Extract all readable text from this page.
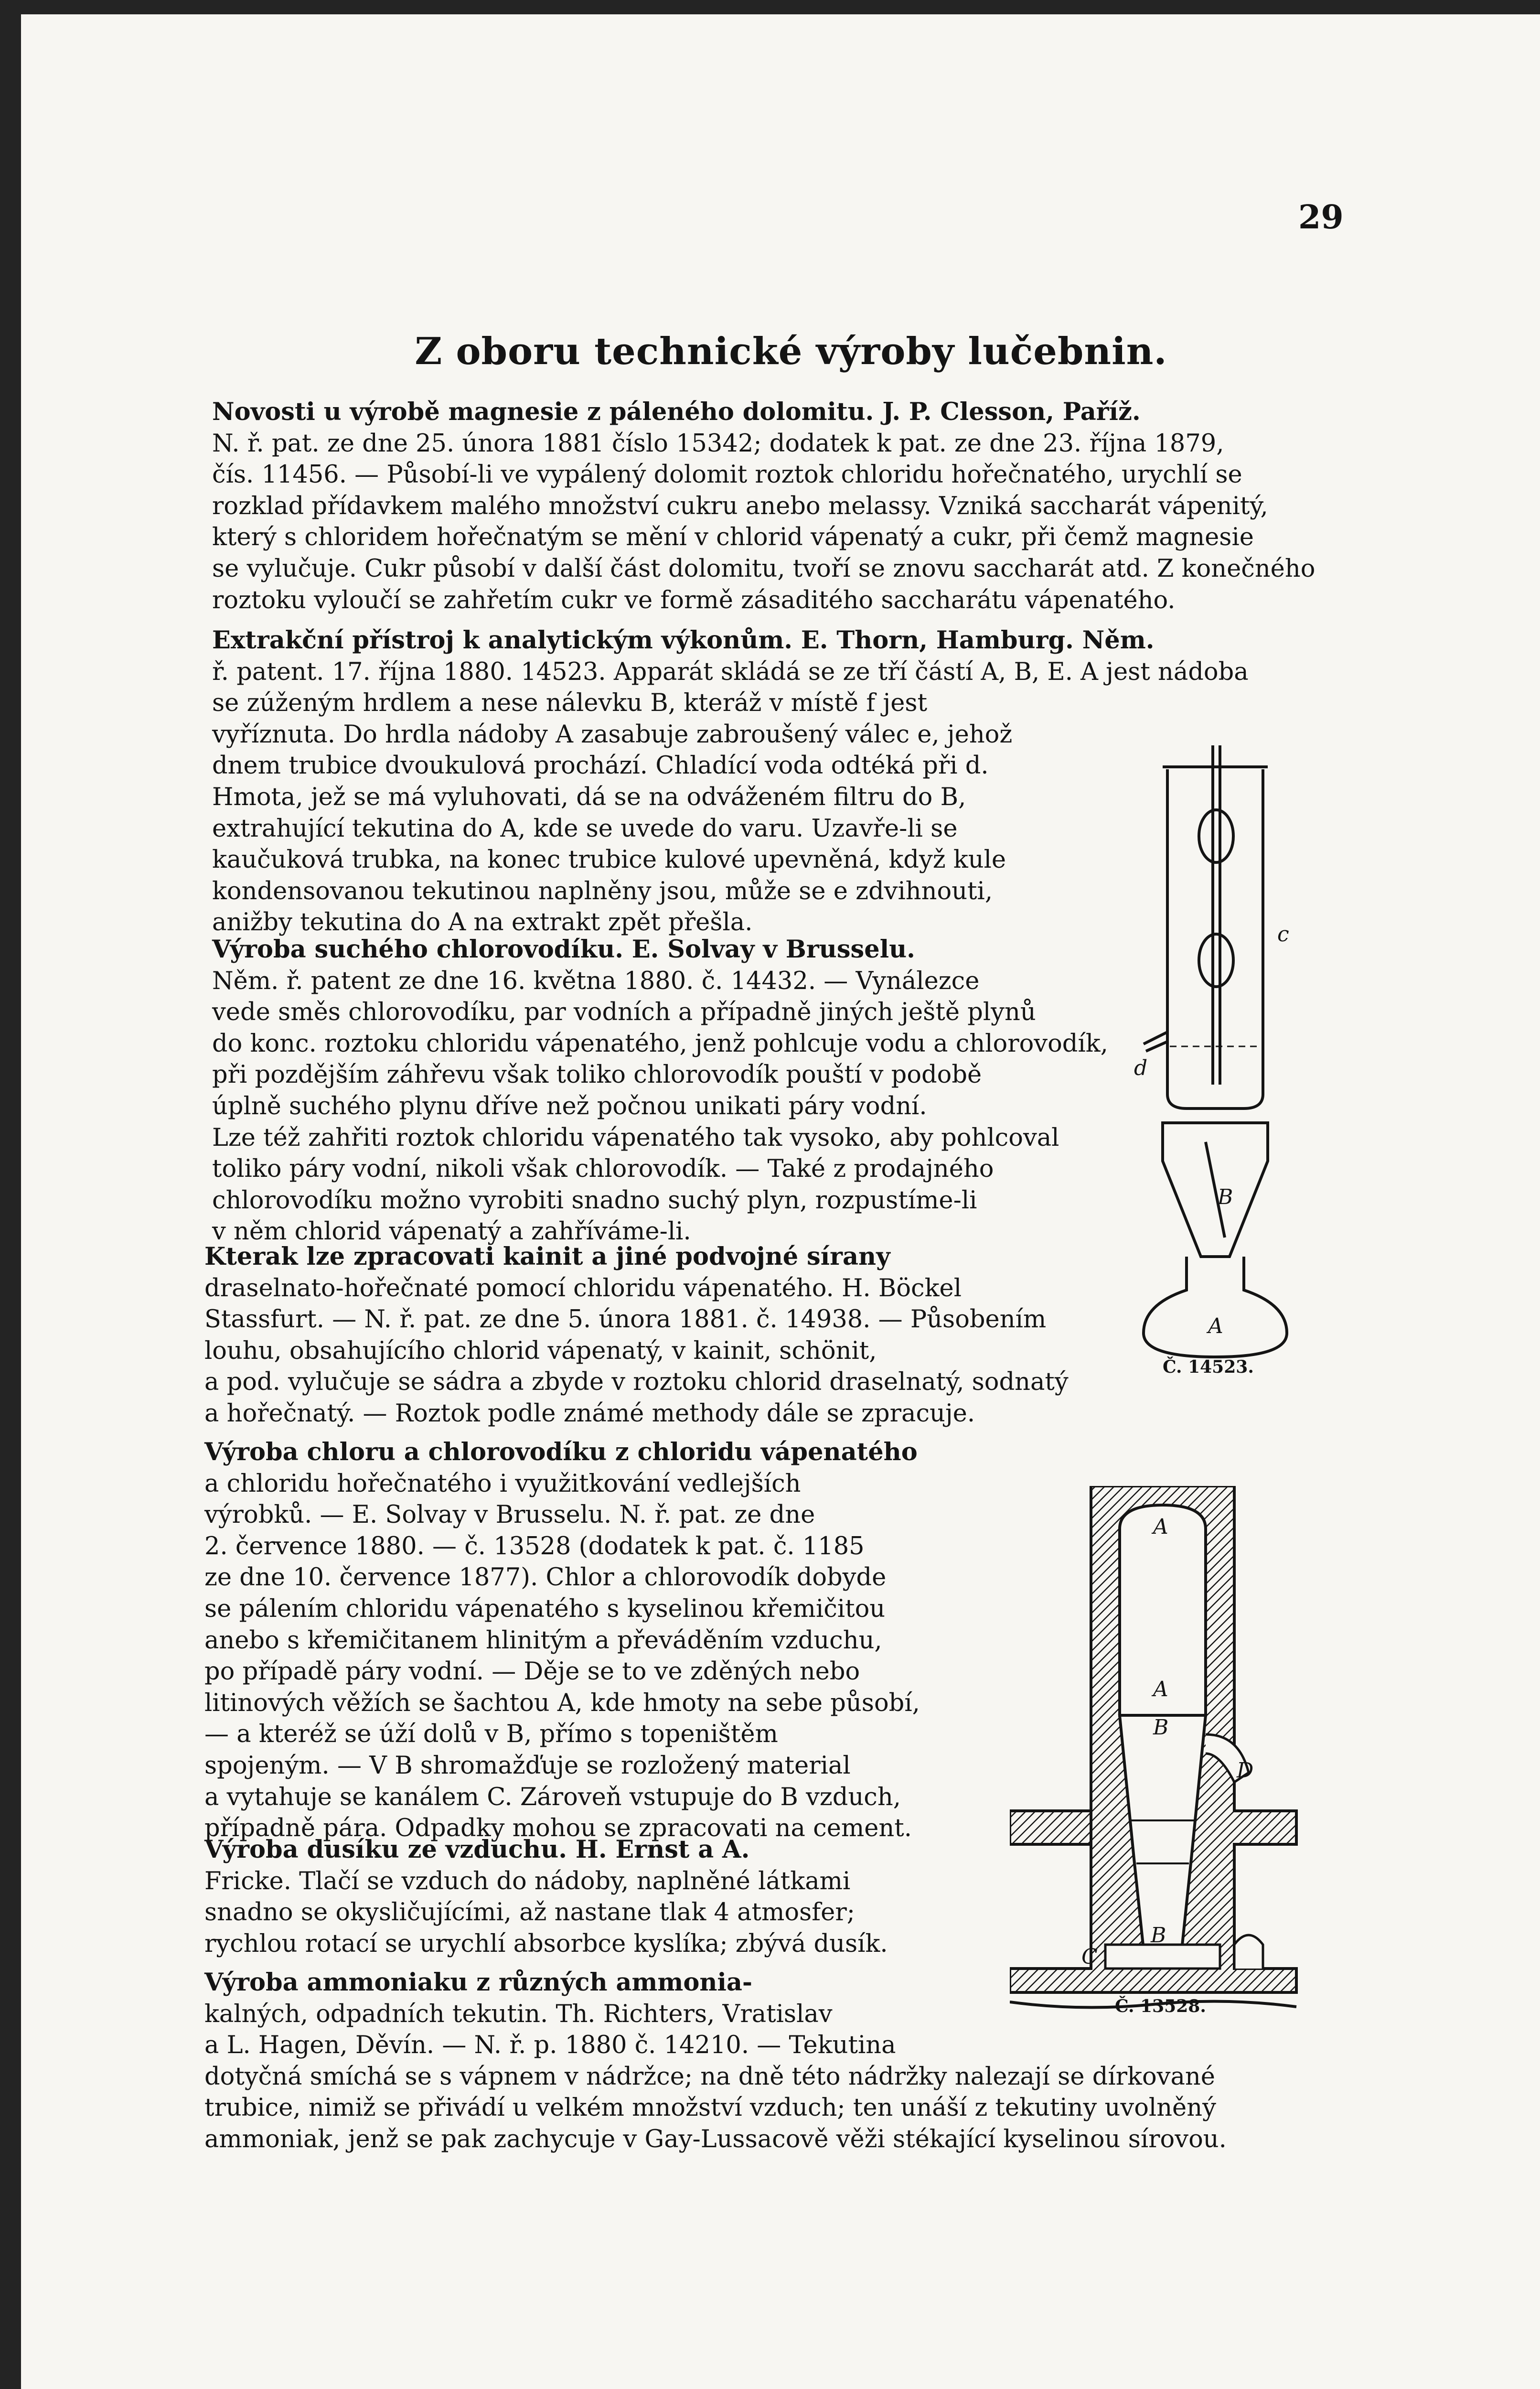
29
Z oboru technické výroby lučebnin.
Novosti u výrobě magnesie z páleného dolomitu. J. P. Clesson, Paříž.
N. ř. pat. ze dne 25. února 1881 číslo 15342; dodatek k pat. ze dne 23. října 1879,
čís. 11456. — Působí-li ve vypálený dolomit roztok chloridu hořečnatého, urychlí se
rozklad přídavkem malého množství cukru anebo melassy. Vzniká saccharát vápenitý,
který s chloridem hořečnatým se mění v chlorid vápenatý a cukr, při čemž magnesie
se vylučuje. Cukr působí v další část dolomitu, tvoří se znovu saccharát atd. Z konečného
roztoku vyloučí se zahřetím cukr ve formě zásaditého saccharátu vápenatého.
Extrakční přístroj k analytickým výkonům. E. Thorn, Hamburg. Něm.
ř. patent. 17. října 1880. 14523. Apparát skládá se ze tří částí A, B, E. A jest nádoba
se zúženým hrdlem a nese nálevku B, kteráž v místě f jest
vyříznuta. Do hrdla nádoby A zasabuje zabroušený válec e, jehož
dnem trubice dvoukulová prochází. Chladící voda odtéká při d.
Hmota, jež se má vyluhovati, dá se na odváženém filtru do B,
extrahující tekutina do A, kde se uvede do varu. Uzavře-li se
kaučuková trubka, na konec trubice kulové upevněná, když kule
kondensovanou tekutinou naplněny jsou, může se e zdvihnouti,
anižby tekutina do A na extrakt zpět přešla.
Výroba suchého chlorovodíku. E. Solvay v Brusselu.
Něm. ř. patent ze dne 16. května 1880. č. 14432. — Vynálezce
vede směs chlorovodíku, par vodních a případně jiných ještě plynů
do konc. roztoku chloridu vápenatého, jenž pohlcuje vodu a chlorovodík,
při pozdějším záhřevu však toliko chlorovodík pouští v podobě
úplně suchého plynu dříve než počnou unikati páry vodní.
Lze též zahřiti roztok chloridu vápenatého tak vysoko, aby pohlcoval
toliko páry vodní, nikoli však chlorovodík. — Také z prodajného
chlorovodíku možno vyrobiti snadno suchý plyn, rozpustíme-li
v něm chlorid vápenatý a zahříváme-li.
Kterak lze zpracovati kainit a jiné podvojné sírany
draselnato-hořečnaté pomocí chloridu vápenatého. H. Böckel
Stassfurt. — N. ř. pat. ze dne 5. února 1881. č. 14938. — Působením
louhu, obsahujícího chlorid vápenatý, v kainit, schönit,
a pod. vylučuje se sádra a zbyde v roztoku chlorid draselnatý, sodnatý
a hořečnatý. — Roztok podle známé methody dále se zpracuje.
Výroba chloru a chlorovodíku z chloridu vápenatého
a chloridu hořečnatého i využitkování vedlejších
výrobků. — E. Solvay v Brusselu. N. ř. pat. ze dne
2. července 1880. — č. 13528 (dodatek k pat. č. 1185
ze dne 10. července 1877). Chlor a chlorovodík dobyde
se pálením chloridu vápenatého s kyselinou křemičitou
anebo s křemičitanem hlinitým a převáděním vzduchu,
po případě páry vodní. — Děje se to ve zděných nebo
litinových věžích se šachtou A, kde hmoty na sebe působí,
— a kteréž se úží dolů v B, přímo s topeništěm
spojeným. — V B shromažďuje se rozložený material
a vytahuje se kanálem C. Zároveň vstupuje do B vzduch,
případně pára. Odpadky mohou se zpracovati na cement.
Výroba dusíku ze vzduchu. H. Ernst a A.
Fricke. Tlačí se vzduch do nádoby, naplněné látkami
snadno se okysličujícími, až nastane tlak 4 atmosfer;
rychlou rotací se urychlí absorbce kyslíka; zbývá dusík.
Výroba ammoniaku z různých ammonia-
kalných, odpadních tekutin. Th. Richters, Vratislav
a L. Hagen, Děvín. — N. ř. p. 1880 č. 14210. — Tekutina
dotyčná smíchá se s vápnem v nádržce; na dně této nádržky nalezají se dírkované
trubice, nimiž se přivádí u velkém množství vzduch; ten unáší z tekutiny uvolněný
ammoniak, jenž se pak zachycuje v Gay-Lussacově věži stékající kyselinou sírovou.
c
d
B
A
Č. 14523.
A
A
B
D
C
B
Č. 13528.
